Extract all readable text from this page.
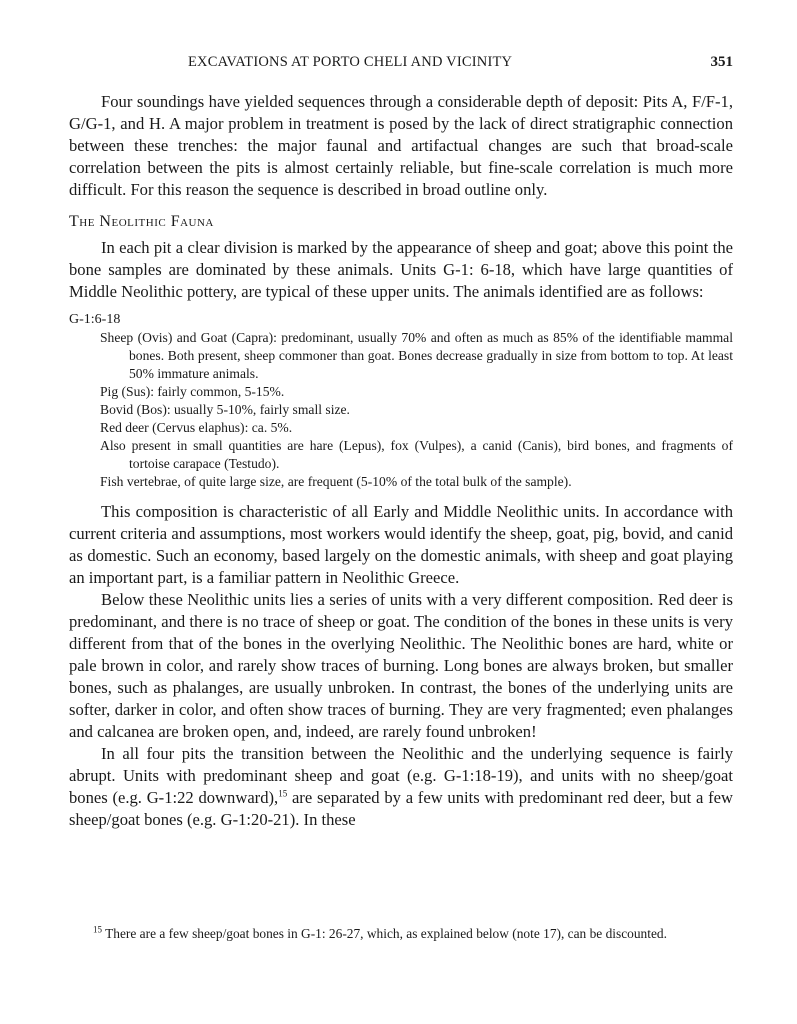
EXCAVATIONS AT PORTO CHELI AND VICINITY	351

Four soundings have yielded sequences through a considerable depth of deposit: Pits A, F/F-1, G/G-1, and H. A major problem in treatment is posed by the lack of direct stratigraphic connection between these trenches: the major faunal and artifactual changes are such that broad-scale correlation between the pits is almost certainly reliable, but fine-scale correlation is much more difficult. For this reason the sequence is described in broad outline only.

The Neolithic Fauna

In each pit a clear division is marked by the appearance of sheep and goat; above this point the bone samples are dominated by these animals. Units G-1: 6-18, which have large quantities of Middle Neolithic pottery, are typical of these upper units. The animals identified are as follows:

G-1:6-18
Sheep (Ovis) and Goat (Capra): predominant, usually 70% and often as much as 85% of the identifiable mammal bones. Both present, sheep commoner than goat. Bones decrease gradually in size from bottom to top. At least 50% immature animals.
Pig (Sus): fairly common, 5-15%.
Bovid (Bos): usually 5-10%, fairly small size.
Red deer (Cervus elaphus): ca. 5%.
Also present in small quantities are hare (Lepus), fox (Vulpes), a canid (Canis), bird bones, and fragments of tortoise carapace (Testudo).
Fish vertebrae, of quite large size, are frequent (5-10% of the total bulk of the sample).

This composition is characteristic of all Early and Middle Neolithic units. In accordance with current criteria and assumptions, most workers would identify the sheep, goat, pig, bovid, and canid as domestic. Such an economy, based largely on the domestic animals, with sheep and goat playing an important part, is a familiar pattern in Neolithic Greece.

Below these Neolithic units lies a series of units with a very different composition. Red deer is predominant, and there is no trace of sheep or goat. The condition of the bones in these units is very different from that of the bones in the overlying Neolithic. The Neolithic bones are hard, white or pale brown in color, and rarely show traces of burning. Long bones are always broken, but smaller bones, such as phalanges, are usually unbroken. In contrast, the bones of the underlying units are softer, darker in color, and often show traces of burning. They are very fragmented; even phalanges and calcanea are broken open, and, indeed, are rarely found unbroken!

In all four pits the transition between the Neolithic and the underlying sequence is fairly abrupt. Units with predominant sheep and goat (e.g. G-1:18-19), and units with no sheep/goat bones (e.g. G-1:22 downward),$^{15}$ are separated by a few units with predominant red deer, but a few sheep/goat bones (e.g. G-1:20-21). In these

$^{15}$ There are a few sheep/goat bones in G-1: 26-27, which, as explained below (note 17), can be discounted.
